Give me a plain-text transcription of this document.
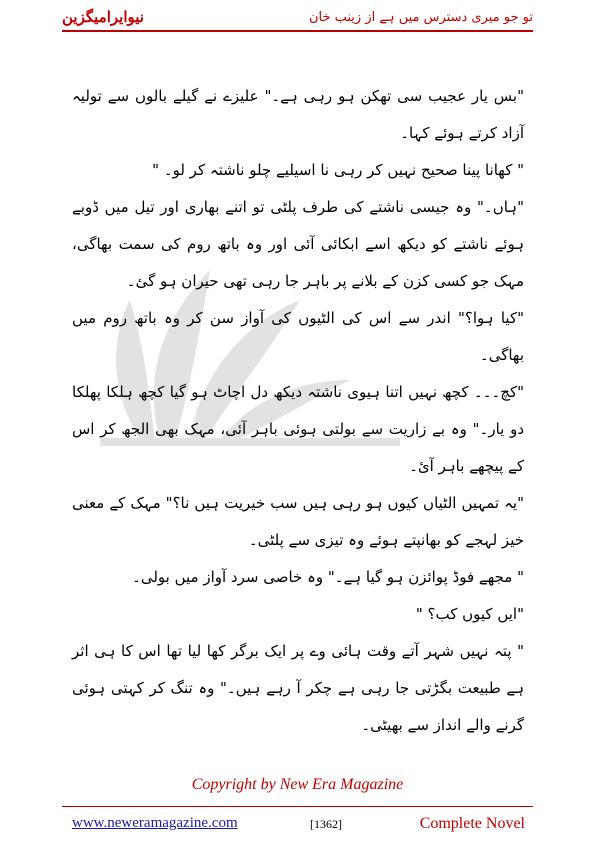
نیوایرامیگزین	تو جو میری دسترس میں ہے از زینب خان

"بس یار عجیب سی تھکن ہو رہی ہے۔" علیزے نے گیلے بالوں سے تولیہ آزاد کرتے ہوئے کہا۔

" کھانا پینا صحیح نہیں کر رہی نا اسیلیے چلو ناشتہ کر لو۔ "

"ہاں۔" وہ جیسی ناشتے کی طرف پلٹی تو اتنے بھاری اور تیل میں ڈوبے ہوئے ناشتے کو دیکھ اسے ابکائی آئی اور وہ باتھ روم کی سمت بھاگی، مہک جو کسی کزن کے بلانے پر باہر جا رہی تھی حیران ہو گئ۔

"کیا ہوا؟" اندر سے اس کی الٹیوں کی آواز سن کر وہ باتھ روم میں بھاگی۔

"کچ۔۔۔ کچھ نہیں اتنا ہیوی ناشتہ دیکھ دل اچاٹ ہو گیا کچھ ہلکا پھلکا دو یار۔" وہ بے زاریت سے بولتی ہوئی باہر آئی، مہک بھی الجھ کر اس کے پیچھے باہر آئ۔

"یہ تمہیں الٹیاں کیوں ہو رہی ہیں سب خیریت ہیں نا؟" مہک کے معنی خیز لہجے کو بھانپتے ہوئے وہ تیزی سے پلٹی۔

" مجھے فوڈ پوائزن ہو گیا ہے۔" وہ خاصی سرد آواز میں بولی۔

"ایں کیوں کب؟ "

" پتہ نہیں شہر آتے وقت ہائی وے پر ایک برگر کھا لیا تھا اس کا ہی اثر ہے طبیعت بگڑتی جا رہی ہے چکر آ رہے ہیں۔" وہ تنگ کر کہتی ہوئی گرنے والے انداز سے بھیٹی۔

Copyright by New Era Magazine
www.neweramagazine.com	[1362]	Complete Novel
